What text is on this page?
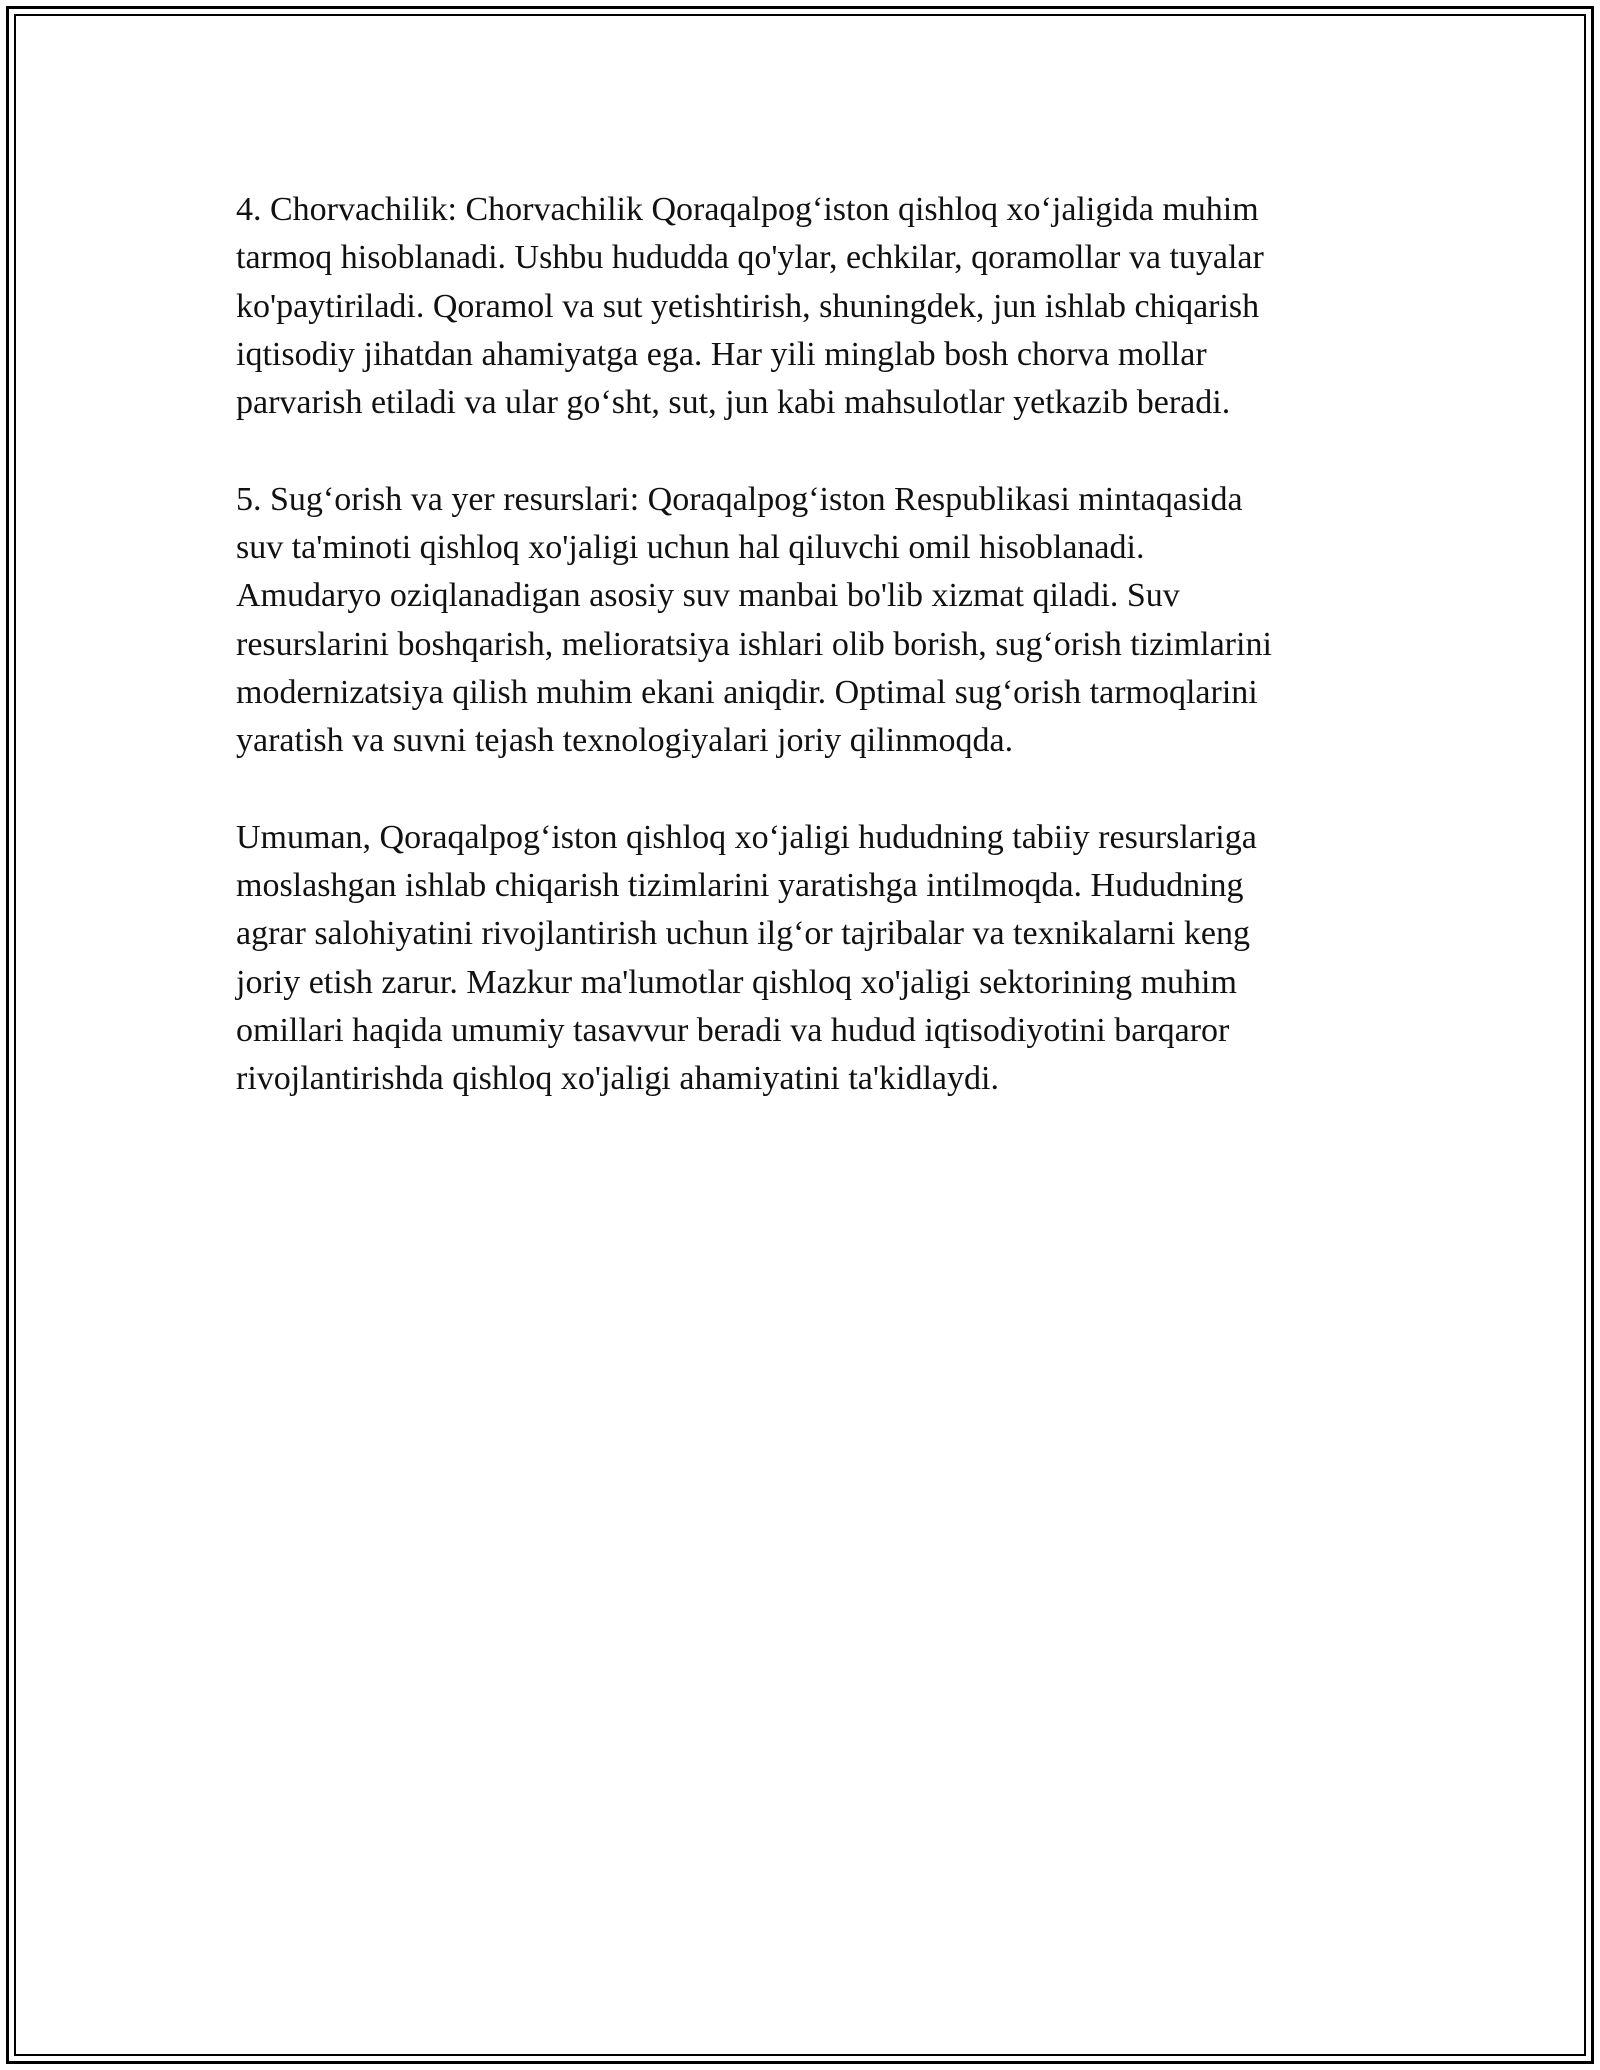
4. Chorvachilik: Chorvachilik Qoraqalpog‘iston qishloq xo‘jaligida muhim
tarmoq hisoblanadi. Ushbu hududda qo'ylar, echkilar, qoramollar va tuyalar
ko'paytiriladi. Qoramol va sut yetishtirish, shuningdek, jun ishlab chiqarish
iqtisodiy jihatdan ahamiyatga ega. Har yili minglab bosh chorva mollar
parvarish etiladi va ular go‘sht, sut, jun kabi mahsulotlar yetkazib beradi.

5. Sug‘orish va yer resurslari: Qoraqalpog‘iston Respublikasi mintaqasida
suv ta'minoti qishloq xo'jaligi uchun hal qiluvchi omil hisoblanadi.
Amudaryo oziqlanadigan asosiy suv manbai bo'lib xizmat qiladi. Suv
resurslarini boshqarish, melioratsiya ishlari olib borish, sug‘orish tizimlarini
modernizatsiya qilish muhim ekani aniqdir. Optimal sug‘orish tarmoqlarini
yaratish va suvni tejash texnologiyalari joriy qilinmoqda.

Umuman, Qoraqalpog‘iston qishloq xo‘jaligi hududning tabiiy resurslariga
moslashgan ishlab chiqarish tizimlarini yaratishga intilmoqda. Hududning
agrar salohiyatini rivojlantirish uchun ilg‘or tajribalar va texnikalarni keng
joriy etish zarur. Mazkur ma'lumotlar qishloq xo'jaligi sektorining muhim
omillari haqida umumiy tasavvur beradi va hudud iqtisodiyotini barqaror
rivojlantirishda qishloq xo'jaligi ahamiyatini ta'kidlaydi.
